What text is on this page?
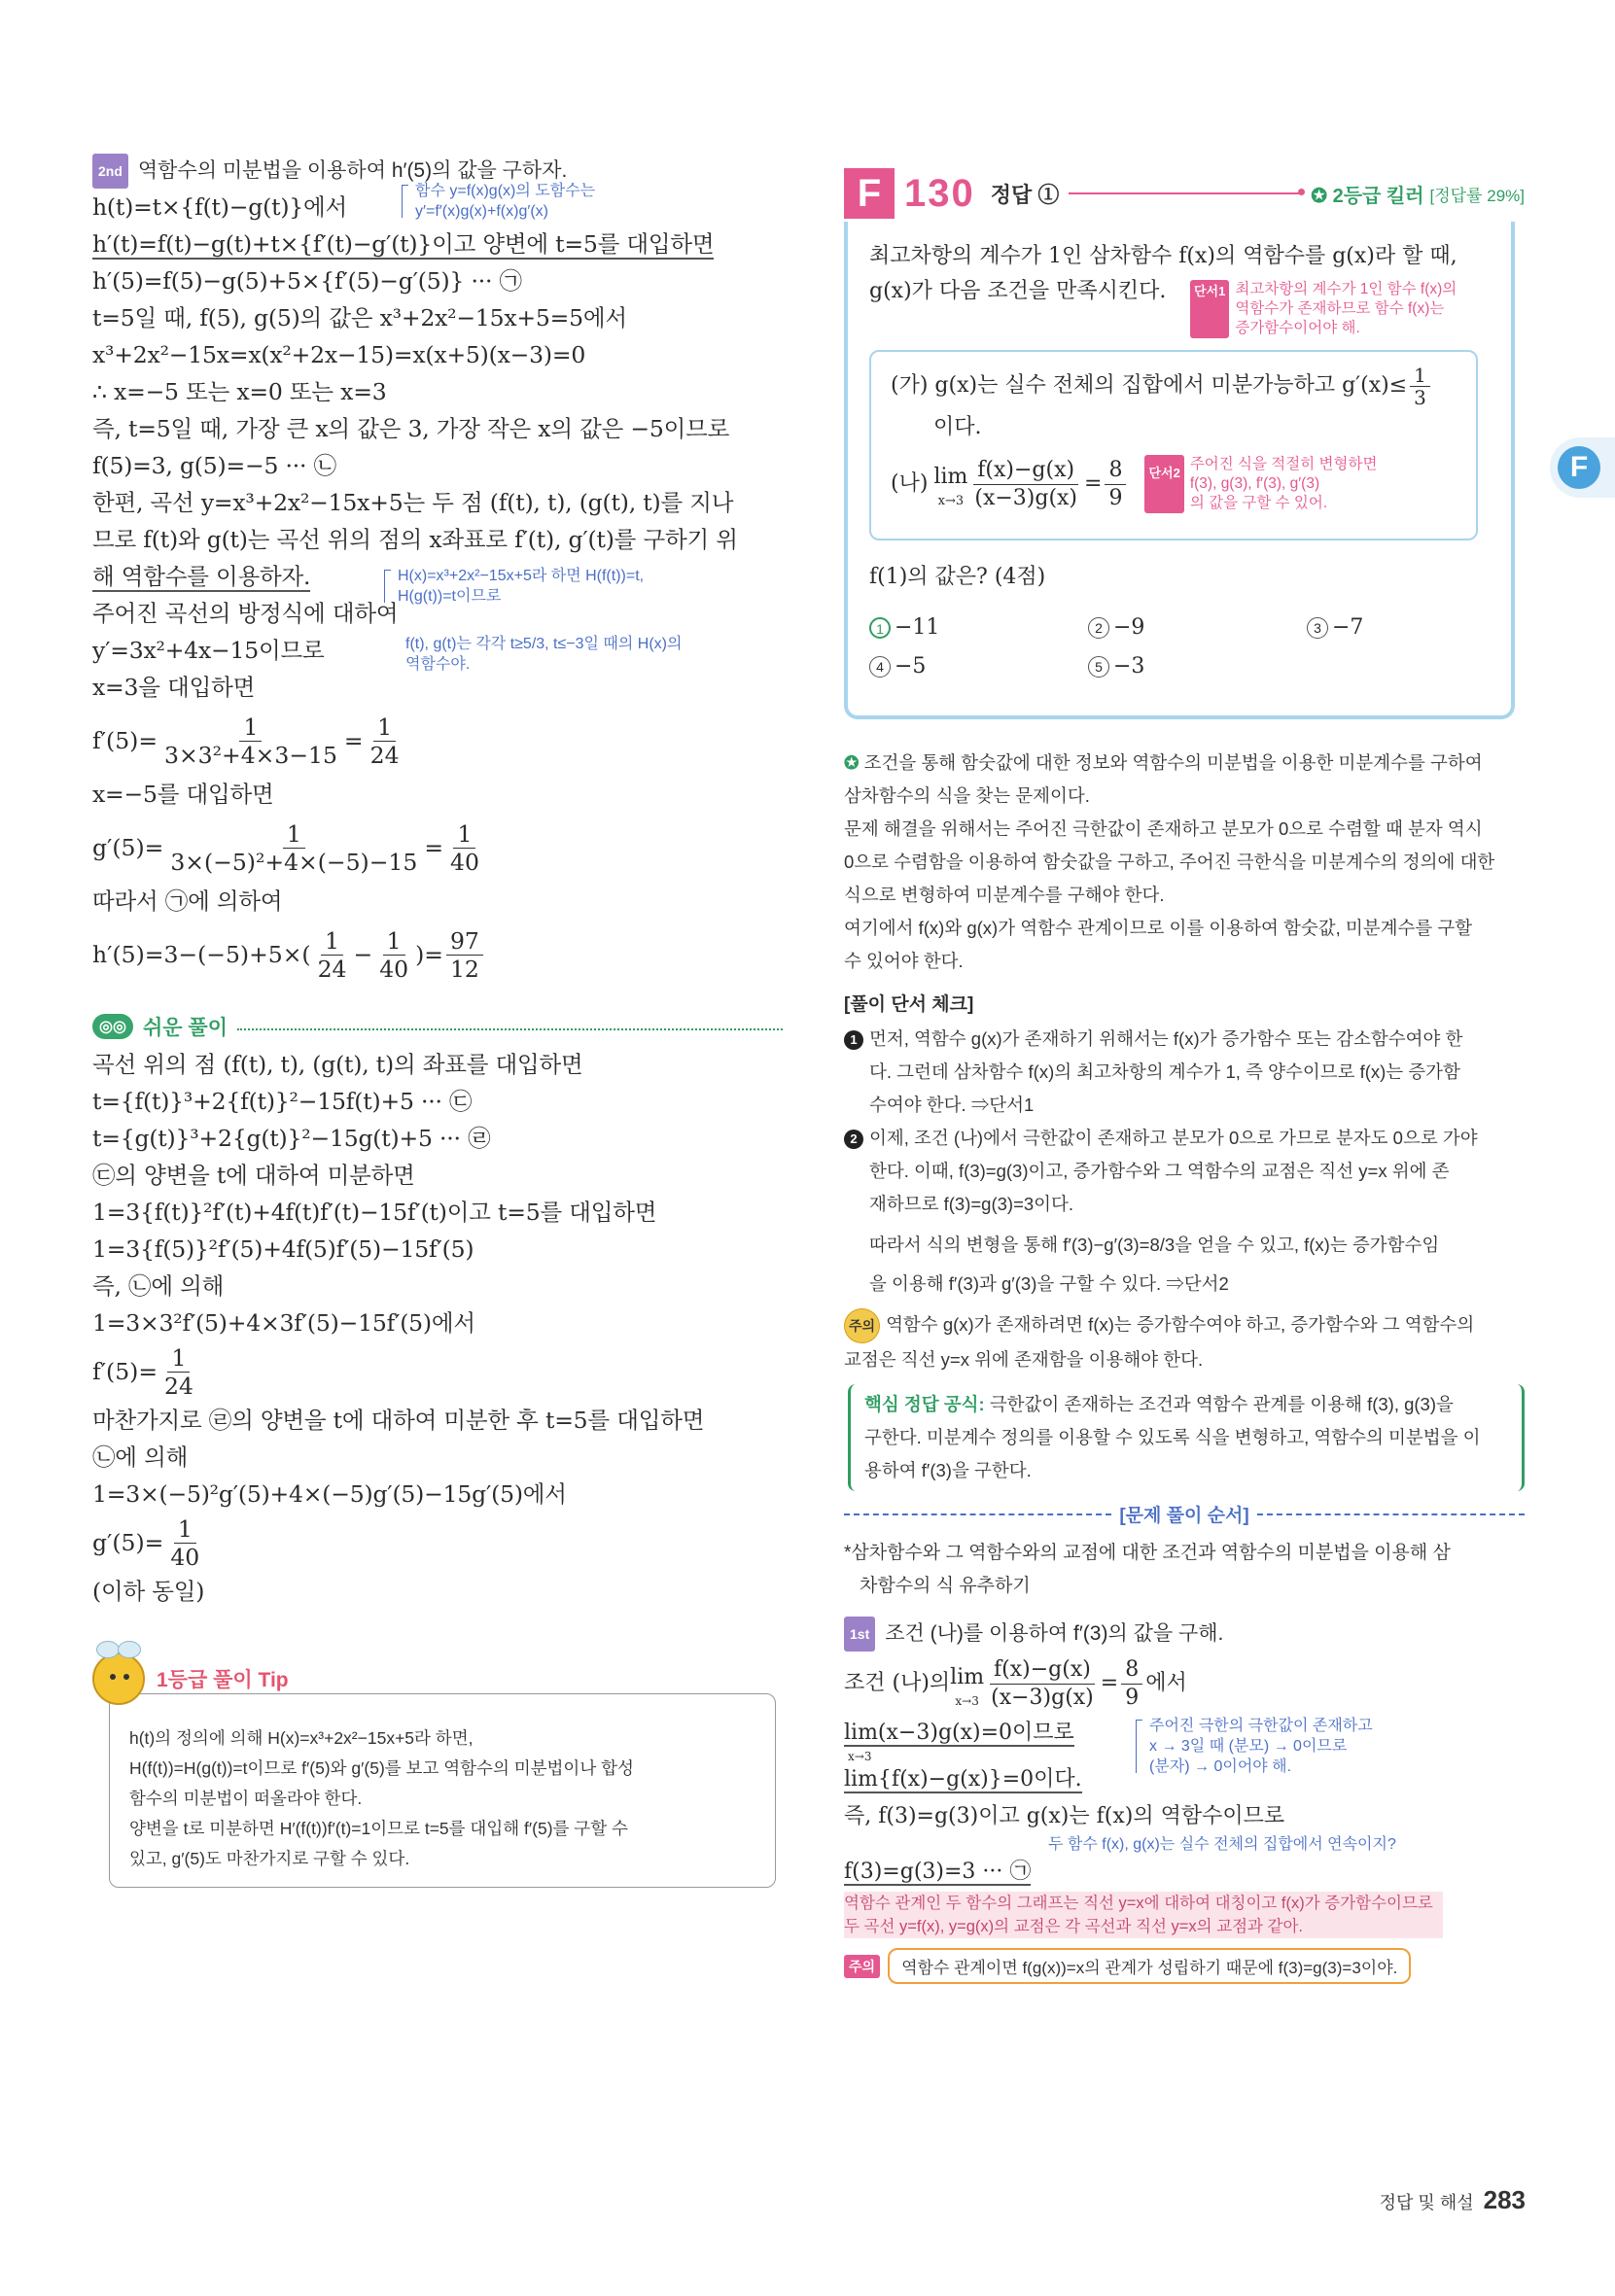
2nd 역함수의 미분법을 이용하여 h′(5)의 값을 구하자.
h(t)=t×{f(t)−g(t)}에서
함수 y=f(x)g(x)의 도함수는
y′=f′(x)g(x)+f(x)g′(x)
h′(t)=f(t)−g(t)+t×{f′(t)−g′(t)}이고 양변에 t=5를 대입하면
h′(5)=f(5)−g(5)+5×{f′(5)−g′(5)} ··· ㉠
t=5일 때, f(5), g(5)의 값은 x³+2x²−15x+5=5에서
x³+2x²−15x=x(x²+2x−15)=x(x+5)(x−3)=0
∴ x=−5 또는 x=0 또는 x=3
즉, t=5일 때, 가장 큰 x의 값은 3, 가장 작은 x의 값은 −5이므로
f(5)=3, g(5)=−5 ··· ㉡
한편, 곡선 y=x³+2x²−15x+5는 두 점 (f(t), t), (g(t), t)를 지나
므로 f(t)와 g(t)는 곡선 위의 점의 x좌표로 f′(t), g′(t)를 구하기 위
해 역함수를 이용하자.	H(x)=x³+2x²−15x+5라 하면 H(f(t))=t,
H(g(t))=t이므로
주어진 곡선의 방정식에 대하여
y′=3x²+4x−15이므로	f(t), g(t)는 각각 t≥5/3, t≤−3일 때의 H(x)의
역함수야.
x=3을 대입하면
$f'(5)= \frac{1}{\text{3×3²+4×3−15}} = \frac{1}{24}$
x=−5를 대입하면
$g'(5)= \frac{1}{\text{3×(−5)²+4×(−5)−15}} = \frac{1}{40}$
따라서 ㉠에 의하여
$h'(5)=3-(-5)+5\times( \frac{1}{24} - \frac{1}{40}$ )= $\frac{97}{12}$
◎◎ 쉬운 풀이
곡선 위의 점 (f(t), t), (g(t), t)의 좌표를 대입하면
t={f(t)}³+2{f(t)}²−15f(t)+5 ··· ㉢
t={g(t)}³+2{g(t)}²−15g(t)+5 ··· ㉣
㉢의 양변을 t에 대하여 미분하면
1=3{f(t)}²f′(t)+4f(t)f′(t)−15f′(t)이고 t=5를 대입하면
1=3{f(5)}²f′(5)+4f(5)f′(5)−15f′(5)
즉, ㉡에 의해
1=3×3²f′(5)+4×3f′(5)−15f′(5)에서
$f'(5)= \frac{1}{24}$
마찬가지로 ㉣의 양변을 t에 대하여 미분한 후 t=5를 대입하면
㉡에 의해
1=3×(−5)²g′(5)+4×(−5)g′(5)−15g′(5)에서
$g'(5)= \frac{1}{40}$
(이하 동일)
h(t)의 정의에 의해 H(x)=x³+2x²−15x+5라 하면,
H(f(t))=H(g(t))=t이므로 f′(5)와 g′(5)를 보고 역함수의 미분법이나 합성
함수의 미분법이 떠올라야 한다.
양변을 t로 미분하면 H′(f(t))f′(t)=1이므로 t=5를 대입해 f′(5)를 구할 수
있고, g′(5)도 마찬가지로 구할 수 있다.
1등급 풀이 Tip
F 130 정답 ①	✪ 2등급 킬러 [정답률 29%]
최고차항의 계수가 1인 삼차함수 f(x)의 역함수를 g(x)라 할 때,
g(x)가 다음 조건을 만족시킨다.	단서1 최고차항의 계수가 1인 함수 f(x)의
역함수가 존재하므로 함수 f(x)는
증가함수이어야 해.
(가) g(x)는 실수 전체의 집합에서 미분가능하고 $g'(x)\le \frac{1}{3}$
이다.
(나) lim
$x\to 3 \frac{f(x)-g(x)}{(x-3)g(x)} = \frac{8}{9}$	단서2
주어진 식을 적절히 변형하면
f(3), g(3), f′(3), g′(3)
의 값을 구할 수 있어.
f(1)의 값은? (4점)
1 −11	2 −9	3 −7
4 −5	5 −3
✪ 조건을 통해 함숫값에 대한 정보와 역함수의 미분법을 이용한 미분계수를 구하여
삼차함수의 식을 찾는 문제이다.
문제 해결을 위해서는 주어진 극한값이 존재하고 분모가 0으로 수렴할 때 분자 역시
0으로 수렴함을 이용하여 함숫값을 구하고, 주어진 극한식을 미분계수의 정의에 대한
식으로 변형하여 미분계수를 구해야 한다.
여기에서 f(x)와 g(x)가 역함수 관계이므로 이를 이용하여 함숫값, 미분계수를 구할
수 있어야 한다.
[풀이 단서 체크]
1 먼저, 역함수 g(x)가 존재하기 위해서는 f(x)가 증가함수 또는 감소함수여야 한
다. 그런데 삼차함수 f(x)의 최고차항의 계수가 1, 즉 양수이므로 f(x)는 증가함
수여야 한다. ⇒단서1
2 이제, 조건 (나)에서 극한값이 존재하고 분모가 0으로 가므로 분자도 0으로 가야
한다. 이때, f(3)=g(3)이고, 증가함수와 그 역함수의 교점은 직선 y=x 위에 존
재하므로 f(3)=g(3)=3이다.
따라서 식의 변형을 통해 f′(3)−g′(3)=8/3을 얻을 수 있고, f(x)는 증가함수임
을 이용해 f′(3)과 g′(3)을 구할 수 있다. ⇒단서2
주의 역함수 g(x)가 존재하려면 f(x)는 증가함수여야 하고, 증가함수와 그 역함수의
교점은 직선 y=x 위에 존재함을 이용해야 한다.
핵심 정답 공식: 극한값이 존재하는 조건과 역함수 관계를 이용해 f(3), g(3)을
구한다. 미분계수 정의를 이용할 수 있도록 식을 변형하고, 역함수의 미분법을 이
용하여 f′(3)을 구한다.
[문제 풀이 순서]
*삼차함수와 그 역함수와의 교점에 대한 조건과 역함수의 미분법을 이용해 삼
차함수의 식 유추하기
1st 조건 (나)를 이용하여 f′(3)의 값을 구해.
조건 (나)의 lim
$x\to 3 \frac{f(x)-g(x)}{(x-3)g(x)} = \frac{8}{9}$ 에서
lim(x−3)g(x)=0이므로
x→3
lim{f(x)−g(x)}=0이다.
주어진 극한의 극한값이 존재하고
x → 3일 때 (분모) → 0이므로
(분자) → 0이어야 해.
즉, f(3)=g(3)이고 g(x)는 f(x)의 역함수이므로
두 함수 f(x), g(x)는 실수 전체의 집합에서 연속이지?
f(3)=g(3)=3 ··· ㉠
역함수 관계인 두 함수의 그래프는 직선 y=x에 대하여 대칭이고 f(x)가 증가함수이므로
두 곡선 y=f(x), y=g(x)의 교점은 각 곡선과 직선 y=x의 교점과 같아.
주의	역함수 관계이면 f(g(x))=x의 관계가 성립하기 때문에 f(3)=g(3)=3이야.
F
정답 및 해설 283
